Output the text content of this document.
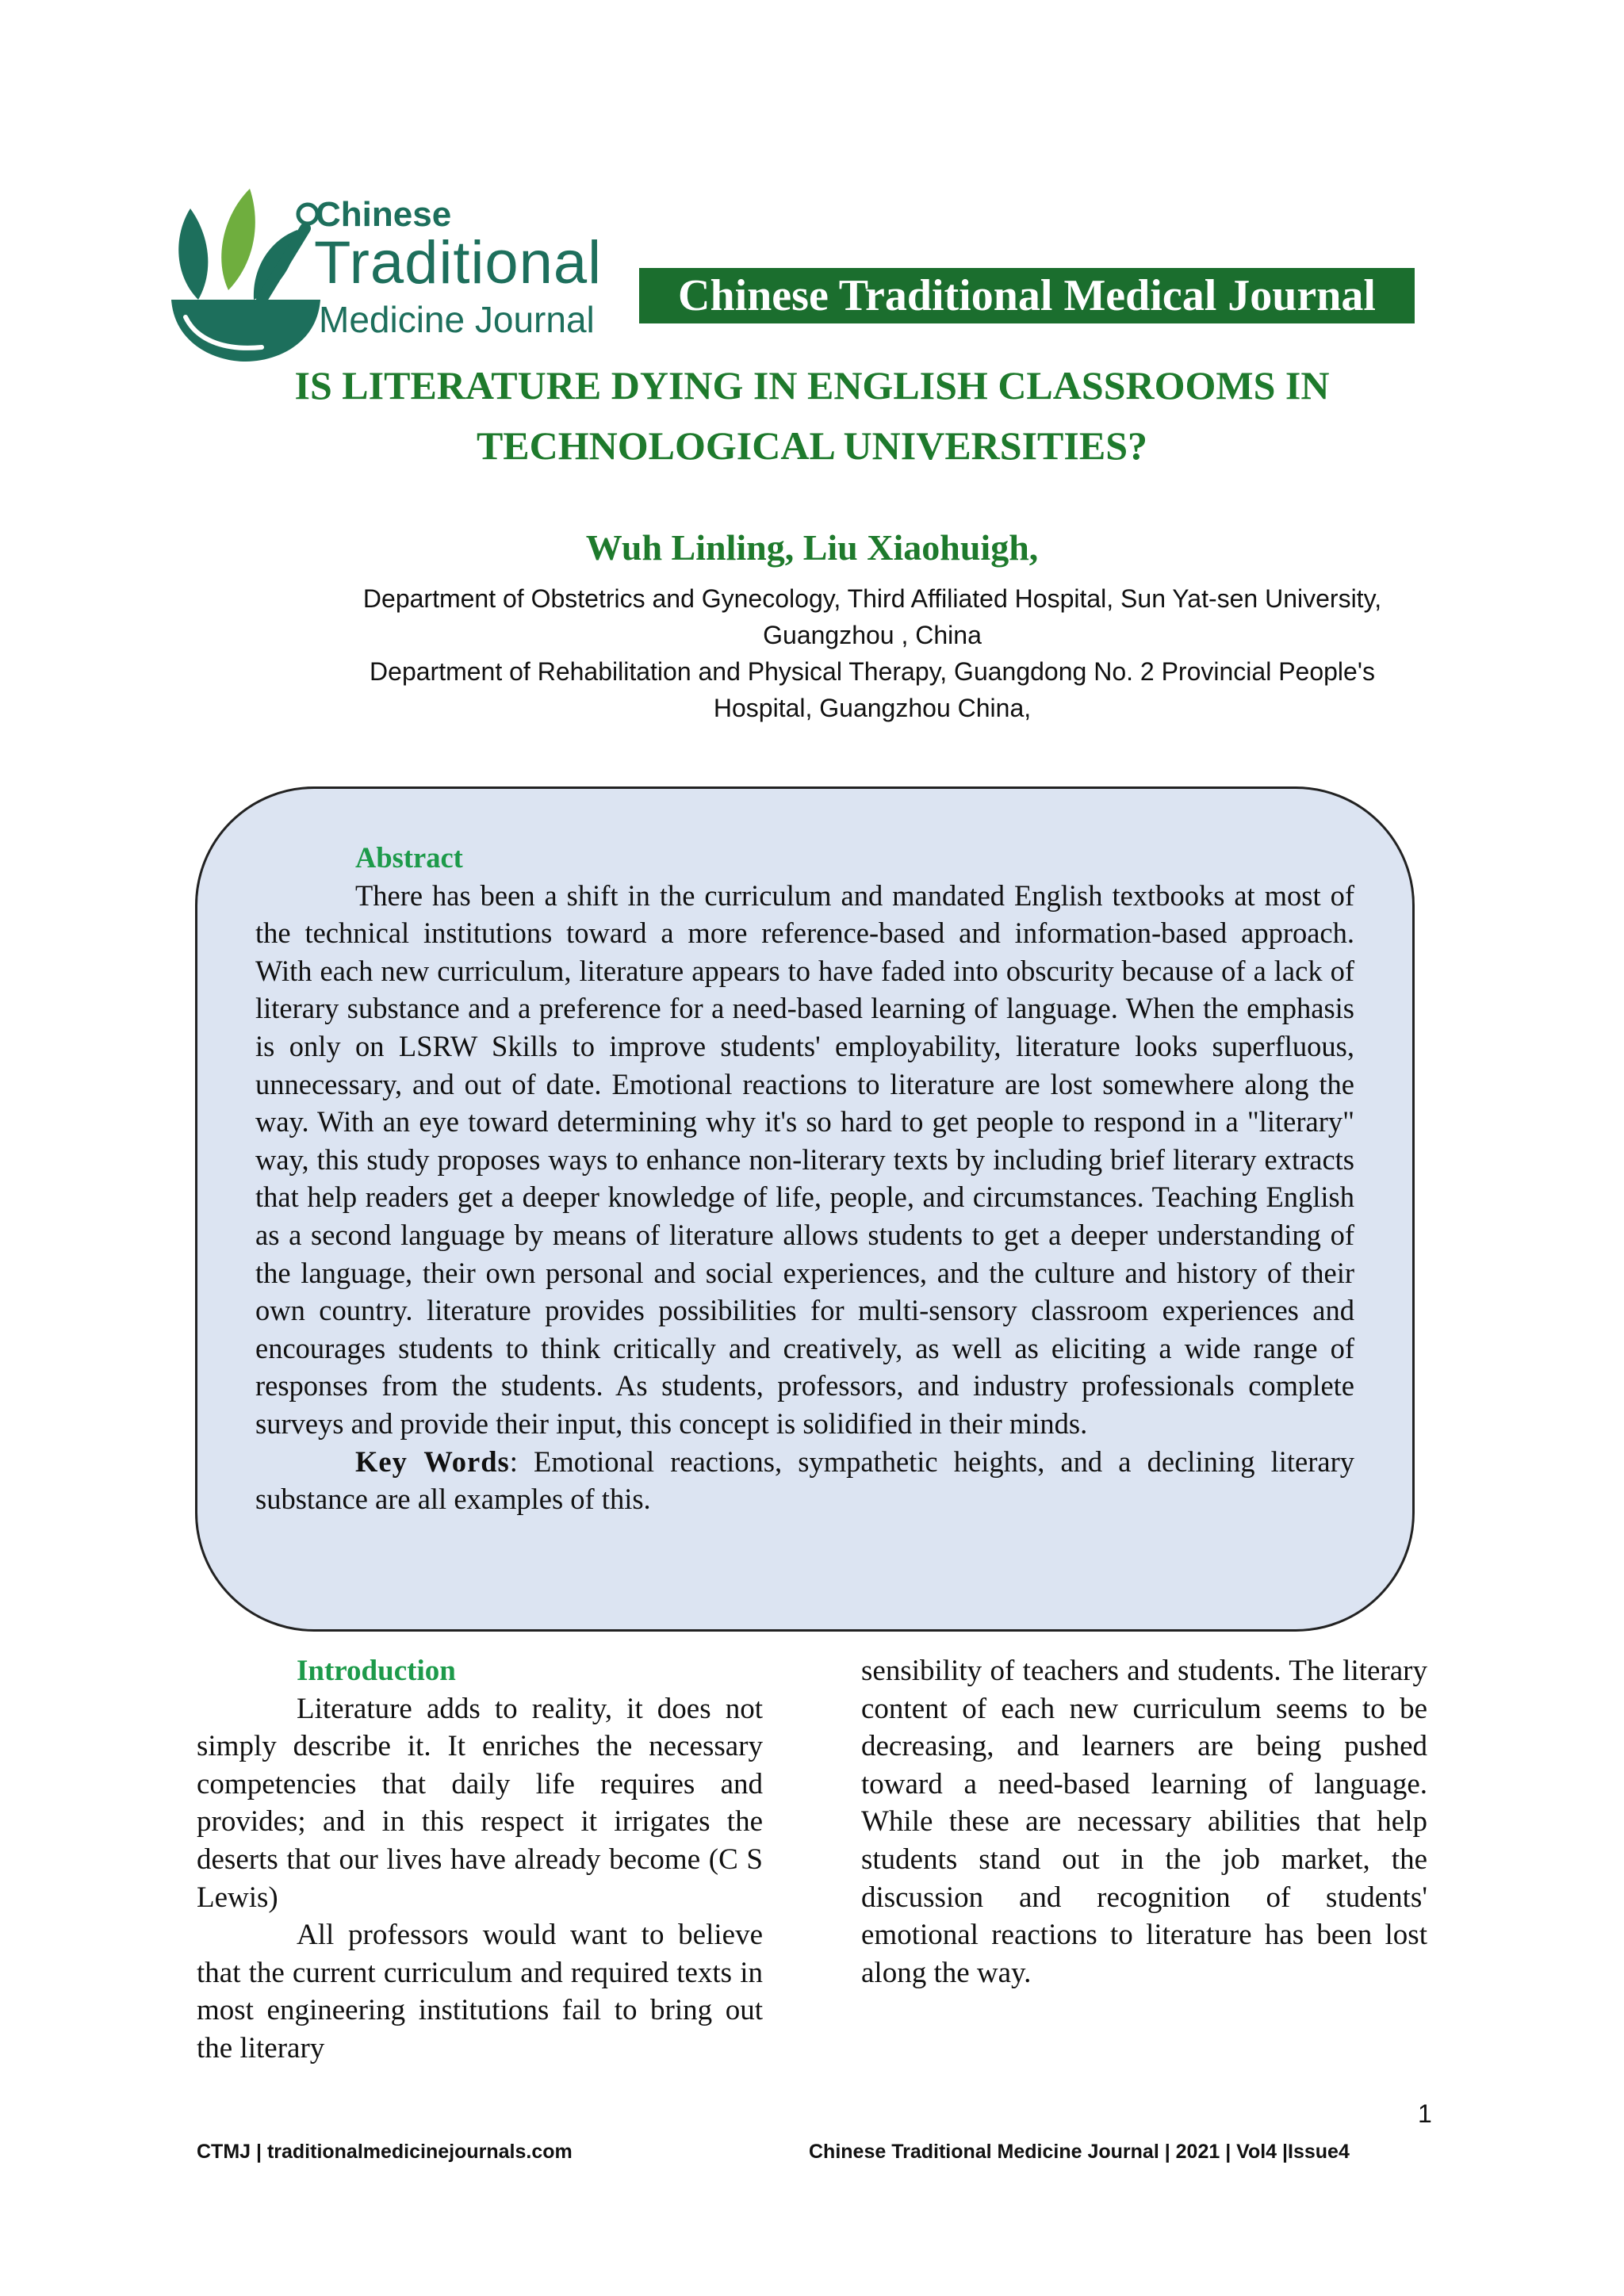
Chinese
Traditional
Medicine Journal	Chinese Traditional Medical Journal
IS LITERATURE DYING IN ENGLISH CLASSROOMS IN
TECHNOLOGICAL UNIVERSITIES?
Wuh Linling, Liu Xiaohuigh,
Department of Obstetrics and Gynecology, Third Affiliated Hospital, Sun Yat-sen University,
Guangzhou , China
Department of Rehabilitation and Physical Therapy, Guangdong No. 2 Provincial People's
Hospital, Guangzhou China,
Abstract
There has been a shift in the curriculum and mandated English textbooks at most of the technical institutions toward a more reference-based and information-based approach. With each new curriculum, literature appears to have faded into obscurity because of a lack of literary substance and a preference for a need-based learning of language. When the emphasis is only on LSRW Skills to improve students' employability, literature looks superfluous, unnecessary, and out of date. Emotional reactions to literature are lost somewhere along the way. With an eye toward determining why it's so hard to get people to respond in a "literary" way, this study proposes ways to enhance non-literary texts by including brief literary extracts that help readers get a deeper knowledge of life, people, and circumstances. Teaching English as a second language by means of literature allows students to get a deeper understanding of the language, their own personal and social experiences, and the culture and history of their own country. literature provides possibilities for multi-sensory classroom experiences and encourages students to think critically and creatively, as well as eliciting a wide range of responses from the students. As students, professors, and industry professionals complete surveys and provide their input, this concept is solidified in their minds.
Key Words: Emotional reactions, sympathetic heights, and a declining literary substance are all examples of this.
Introduction

Literature adds to reality, it does not simply describe it. It enriches the necessary competencies that daily life requires and provides; and in this respect it irrigates the deserts that our lives have already become (C S Lewis)

All professors would want to believe that the current curriculum and required texts in most engineering institutions fail to bring out the literary

sensibility of teachers and students. The literary content of each new curriculum seems to be decreasing, and learners are being pushed toward a need-based learning of language. While these are necessary abilities that help students stand out in the job market, the discussion and recognition of students' emotional reactions to literature has been lost along the way.

1
CTMJ | traditionalmedicinejournals.com	Chinese Traditional Medicine Journal | 2021 | Vol4 |Issue4
